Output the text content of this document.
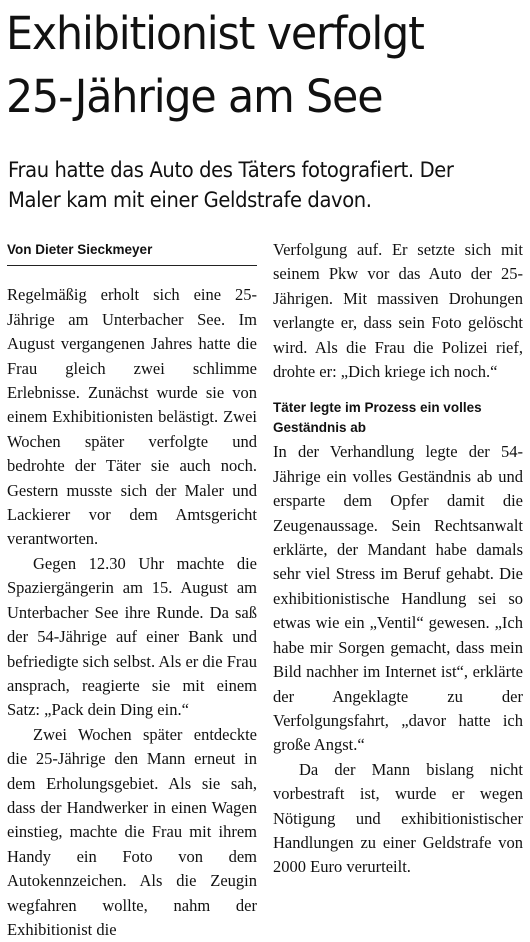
Exhibitionist verfolgt 25-Jährige am See

Frau hatte das Auto des Täters fotografiert. Der Maler kam mit einer Geldstrafe davon.

Von Dieter Sieckmeyer

Regelmäßig erholt sich eine 25-Jährige am Unterbacher See. Im August vergangenen Jahres hatte die Frau gleich zwei schlimme Erlebnisse. Zunächst wurde sie von einem Exhibitionisten belästigt. Zwei Wochen später verfolgte und bedrohte der Täter sie auch noch. Gestern musste sich der Maler und Lackierer vor dem Amtsgericht verantworten.

Gegen 12.30 Uhr machte die Spaziergängerin am 15. August am Unterbacher See ihre Runde. Da saß der 54-Jährige auf einer Bank und befriedigte sich selbst. Als er die Frau ansprach, reagierte sie mit einem Satz: „Pack dein Ding ein.“

Zwei Wochen später entdeckte die 25-Jährige den Mann erneut in dem Erholungsgebiet. Als sie sah, dass der Handwerker in einen Wagen einstieg, machte die Frau mit ihrem Handy ein Foto von dem Autokennzeichen. Als die Zeugin wegfahren wollte, nahm der Exhibitionist die

Verfolgung auf. Er setzte sich mit seinem Pkw vor das Auto der 25-Jährigen. Mit massiven Drohungen verlangte er, dass sein Foto gelöscht wird. Als die Frau die Polizei rief, drohte er: „Dich kriege ich noch.“

Täter legte im Prozess ein volles Geständnis ab

In der Verhandlung legte der 54-Jährige ein volles Geständnis ab und ersparte dem Opfer damit die Zeugenaussage. Sein Rechtsanwalt erklärte, der Mandant habe damals sehr viel Stress im Beruf gehabt. Die exhibitionistische Handlung sei so etwas wie ein „Ventil“ gewesen. „Ich habe mir Sorgen gemacht, dass mein Bild nachher im Internet ist“, erklärte der Angeklagte zu der Verfolgungsfahrt, „davor hatte ich große Angst.“

Da der Mann bislang nicht vorbestraft ist, wurde er wegen Nötigung und exhibitionistischer Handlungen zu einer Geldstrafe von 2000 Euro verurteilt.
